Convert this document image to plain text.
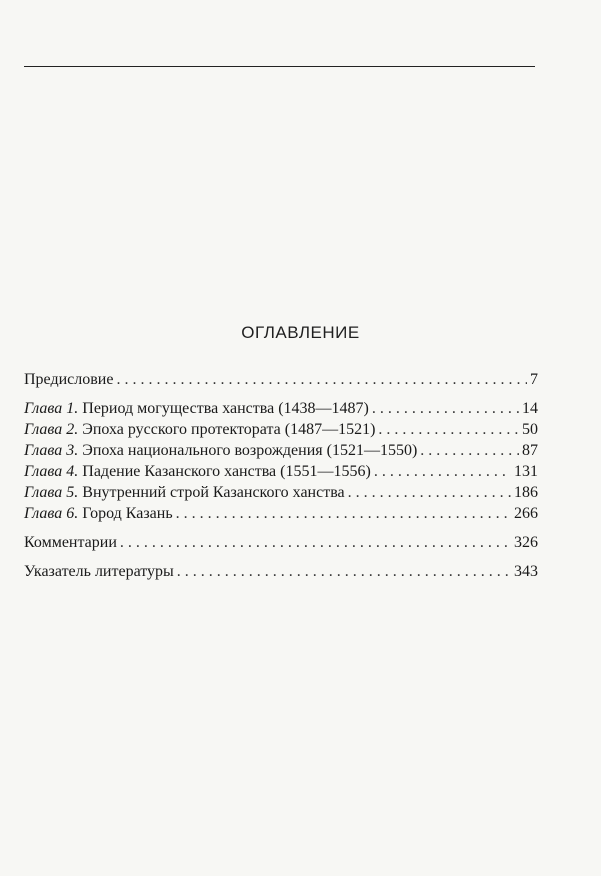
ОГЛАВЛЕНИЕ
Предисловие .....	7
Глава 1. Период могущества ханства (1438—1487) .....	14
Глава 2. Эпоха русского протектората (1487—1521) .....	50
Глава 3. Эпоха национального возрождения (1521—1550) .....	87
Глава 4. Падение Казанского ханства (1551—1556) .....	131
Глава 5. Внутренний строй Казанского ханства .....	186
Глава 6. Город Казань .....	266
Комментарии .....	326
Указатель литературы .....	343
